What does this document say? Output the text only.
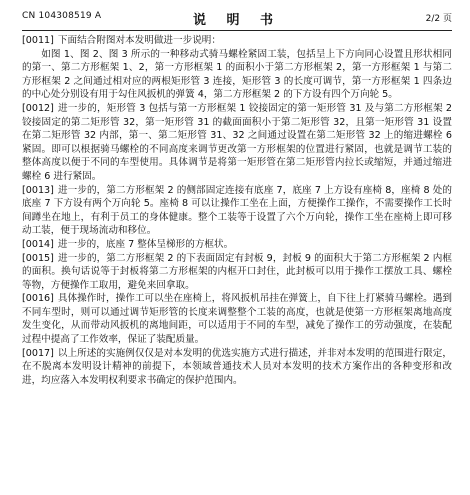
CN 104308519 A	说 明 书	2/2 页

[0011] 下面结合附图对本发明做进一步说明：

如图 1、图 2、图 3 所示的一种移动式骑马螺栓紧固工装，包括呈上下方向同心设置且形状相同的第一、第二方形框架 1、2，第一方形框架 1 的面积小于第二方形框架 2，第一方形框架 1 与第二方形框架 2 之间通过相对应的两根矩形管 3 连接，矩形管 3 的长度可调节，第一方形框架 1 四条边的中心处分别设有用于勾住风扳机的弹簧 4，第二方形框架 2 的下方设有四个万向轮 5。

[0012] 进一步的，矩形管 3 包括与第一方形框架 1 铰接固定的第一矩形管 31 及与第二方形框架 2 铰接固定的第二矩形管 32，第一矩形管 31 的截面面积小于第二矩形管 32，且第一矩形管 31 设置在第二矩形管 32 内部，第一、第二矩形管 31、32 之间通过设置在第二矩形管 32 上的缩进螺栓 6 紧固。即可以根据骑马螺栓的不同高度来调节更改第一方形框架的位置进行紧固，也就是调节工装的整体高度以便于不同的车型使用。具体调节是将第一矩形管在第二矩形管内拉长或缩短，并通过缩进螺栓 6 进行紧固。

[0013] 进一步的，第二方形框架 2 的侧部固定连接有底座 7，底座 7 上方设有座椅 8，座椅 8 处的底座 7 下方设有两个万向轮 5。座椅 8 可以让操作工坐在上面，方便操作工操作，不需要操作工长时间蹲坐在地上，有利于员工的身体健康。整个工装等于设置了六个万向轮，操作工坐在座椅上即可移动工装，便于现场流动和移位。

[0014] 进一步的，底座 7 整体呈梯形的方框状。

[0015] 进一步的，第二方形框架 2 的下表面固定有封板 9，封板 9 的面积大于第二方形框架 2 内框的面积。换句话说等于封板将第二方形框架的内框开口封住，此封板可以用于操作工摆放工具、螺栓等物，方便操作工取用，避免来回拿取。

[0016] 具体操作时，操作工可以坐在座椅上，将风扳机吊挂在弹簧上，自下往上打紧骑马螺栓。遇到不同车型时，则可以通过调节矩形管的长度来调整整个工装的高度，也就是使第一方形框架离地高度发生变化，从而带动风扳机的离地间距，可以适用于不同的车型，减免了操作工的劳动强度，在装配过程中提高了工作效率，保证了装配质量。

[0017] 以上所述的实施例仅仅是对本发明的优选实施方式进行描述，并非对本发明的范围进行限定，在不脱离本发明设计精神的前提下，本领域普通技术人员对本发明的技术方案作出的各种变形和改进，均应落入本发明权利要求书确定的保护范围内。
